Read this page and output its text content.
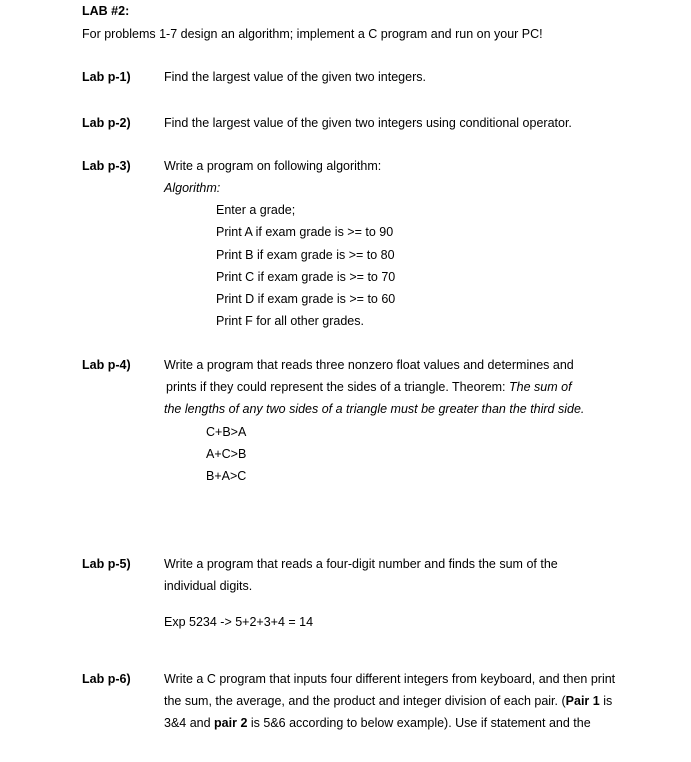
LAB #2:
For problems 1-7 design an algorithm; implement a C program and run on your PC!
Lab p-1)	Find the largest value of the given two integers.
Lab p-2)	Find the largest value of the given two integers using conditional operator.
Lab p-3)	Write a program on following algorithm:
Algorithm:
Enter a grade;
Print A if exam grade is >= to 90
Print B if exam grade is >= to 80
Print C if exam grade is >= to 70
Print D if exam grade is >= to 60
Print F for all other grades.
Lab p-4)	Write a program that reads three nonzero float values and determines and
prints if they could represent the sides of a triangle. Theorem: The sum of
the lengths of any two sides of a triangle must be greater than the third side.
C+B>A
A+C>B
B+A>C
Lab p-5)	Write a program that reads a four-digit number and finds the sum of the
individual digits.
Exp 5234 -> 5+2+3+4 = 14
Lab p-6)	Write a C program that inputs four different integers from keyboard, and then print
the sum, the average, and the product and integer division of each pair. (Pair 1 is
3&4 and pair 2 is 5&6 according to below example). Use if statement and the
